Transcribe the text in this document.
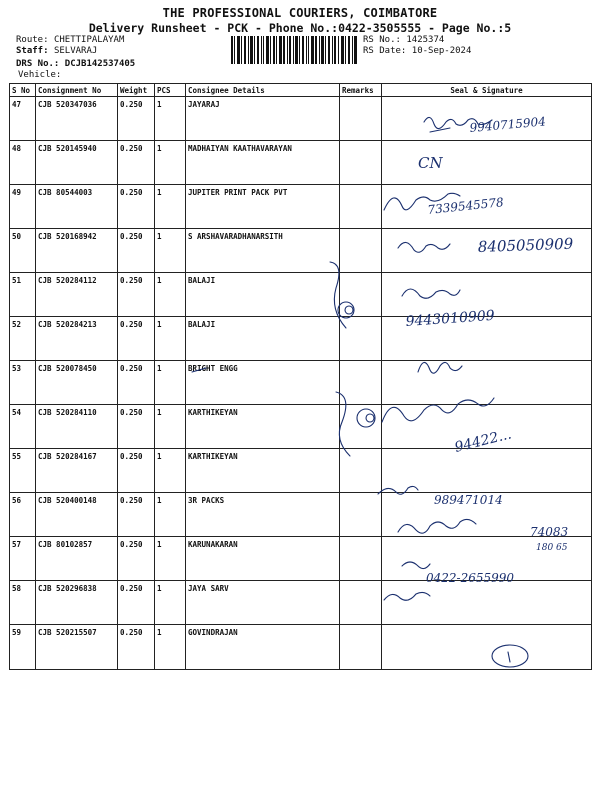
THE PROFESSIONAL COURIERS, COIMBATORE
Delivery Runsheet - PCK - Phone No.:0422-3505555 - Page No.:5
Route: CHETTIPALAYAM
Staff: SELVARAJ
DRS No.: DCJB142537405
Vehicle:
RS No.: 1425374
RS Date: 10-Sep-2024
S No	Consignment No	Weight	PCS	Consignee Details	Remarks	Seal & Signature
47	CJB 520347036	0.250	1	JAYARAJ		
48	CJB 520145940	0.250	1	MADHAIYAN KAATHAVARAYAN		
49	CJB 80544003	0.250	1	JUPITER PRINT PACK PVT		
50	CJB 520168942	0.250	1	S ARSHAVARADHANARSITH		
51	CJB 520284112	0.250	1	BALAJI		
52	CJB 520284213	0.250	1	BALAJI		
53	CJB 520078450	0.250	1	BRIGHT ENGG		
54	CJB 520284110	0.250	1	KARTHIKEYAN		
55	CJB 520284167	0.250	1	KARTHIKEYAN		
56	CJB 520400148	0.250	1	3R PACKS		
57	CJB 80102857	0.250	1	KARUNAKARAN		
58	CJB 520296838	0.250	1	JAYA SARV		
59	CJB 520215507	0.250	1	GOVINDRAJAN		
9940715904
CN
7339545578
8405050909
9443010909
94422...
989471014
74083
180 65
0422-2655990
